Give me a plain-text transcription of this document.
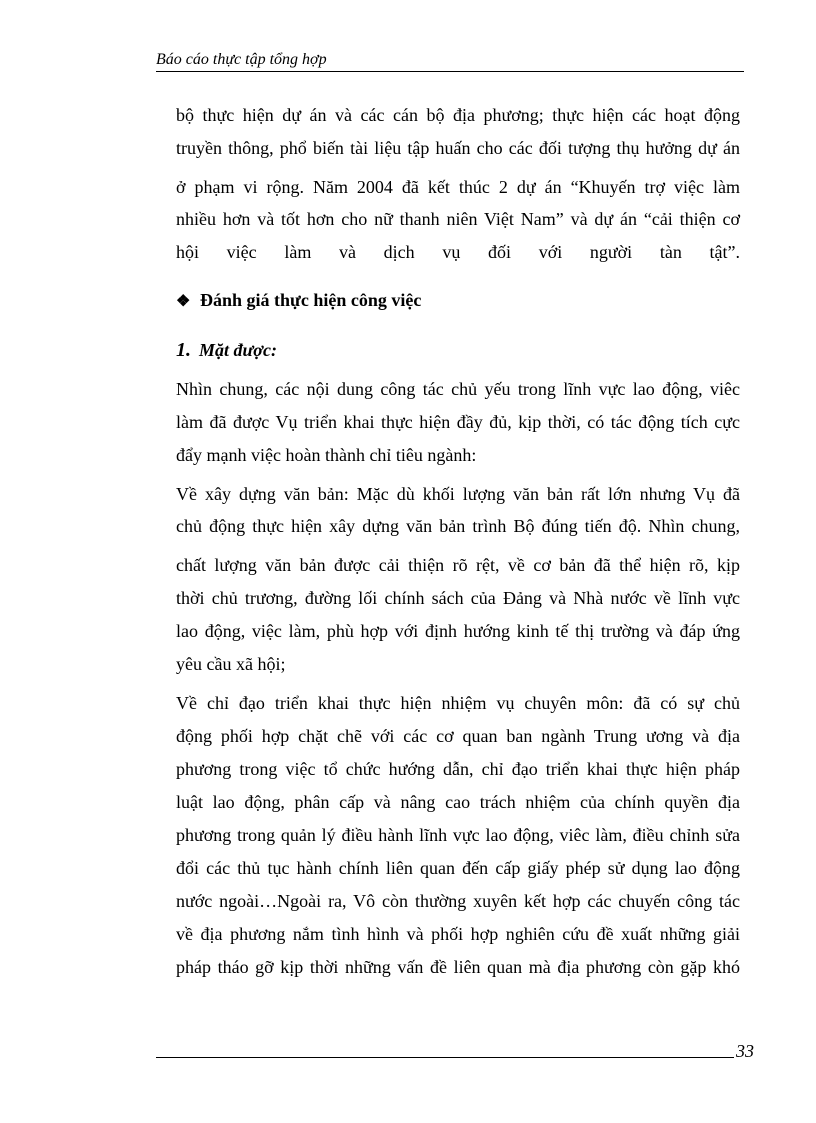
Báo cáo thực tập tổng hợp
bộ thực hiện dự án và các cán bộ địa phương; thực hiện các hoạt động
truyền thông, phổ biến tài liệu tập huấn cho các đối tượng thụ hưởng dự án
ở phạm vi rộng. Năm 2004 đã kết thúc 2 dự án “Khuyến trợ việc làm
nhiều hơn và tốt hơn cho nữ thanh niên Việt Nam” và dự án “cải thiện cơ
hội việc làm và dịch vụ đối với người tàn tật”.
❖ Đánh giá thực hiện công việc
1. Mặt được:
Nhìn chung, các nội dung công tác chủ yếu trong lĩnh vực lao động, viêc
làm đã được Vụ triển khai thực hiện đầy đủ, kịp thời, có tác động tích cực
đẩy mạnh việc hoàn thành chỉ tiêu ngành:
Về xây dựng văn bản: Mặc dù khối lượng văn bản rất lớn nhưng Vụ đã
chủ động thực hiện xây dựng văn bản trình Bộ đúng tiến độ. Nhìn chung,
chất lượng văn bản được cải thiện rõ rệt, về cơ bản đã thể hiện rõ, kịp
thời chủ trương, đường lối chính sách của Đảng và Nhà nước về lĩnh vực
lao động, việc làm, phù hợp với định hướng kinh tế thị trường và đáp ứng
yêu cầu xã hội;
Về chỉ đạo triển khai thực hiện nhiệm vụ chuyên môn: đã có sự chủ
động phối hợp chặt chẽ với các cơ quan ban ngành Trung ương và địa
phương trong việc tổ chức hướng dẫn, chỉ đạo triển khai thực hiện pháp
luật lao động, phân cấp và nâng cao trách nhiệm của chính quyền địa
phương trong quản lý điều hành lĩnh vực lao động, viêc làm, điều chỉnh sửa
đổi các thủ tục hành chính liên quan đến cấp giấy phép sử dụng lao động
nước ngoài…Ngoài ra, Vô còn thường xuyên kết hợp các chuyến công tác
về địa phương nắm tình hình và phối hợp nghiên cứu đề xuất những giải
pháp tháo gỡ kịp thời những vấn đề liên quan mà địa phương còn gặp khó
33
